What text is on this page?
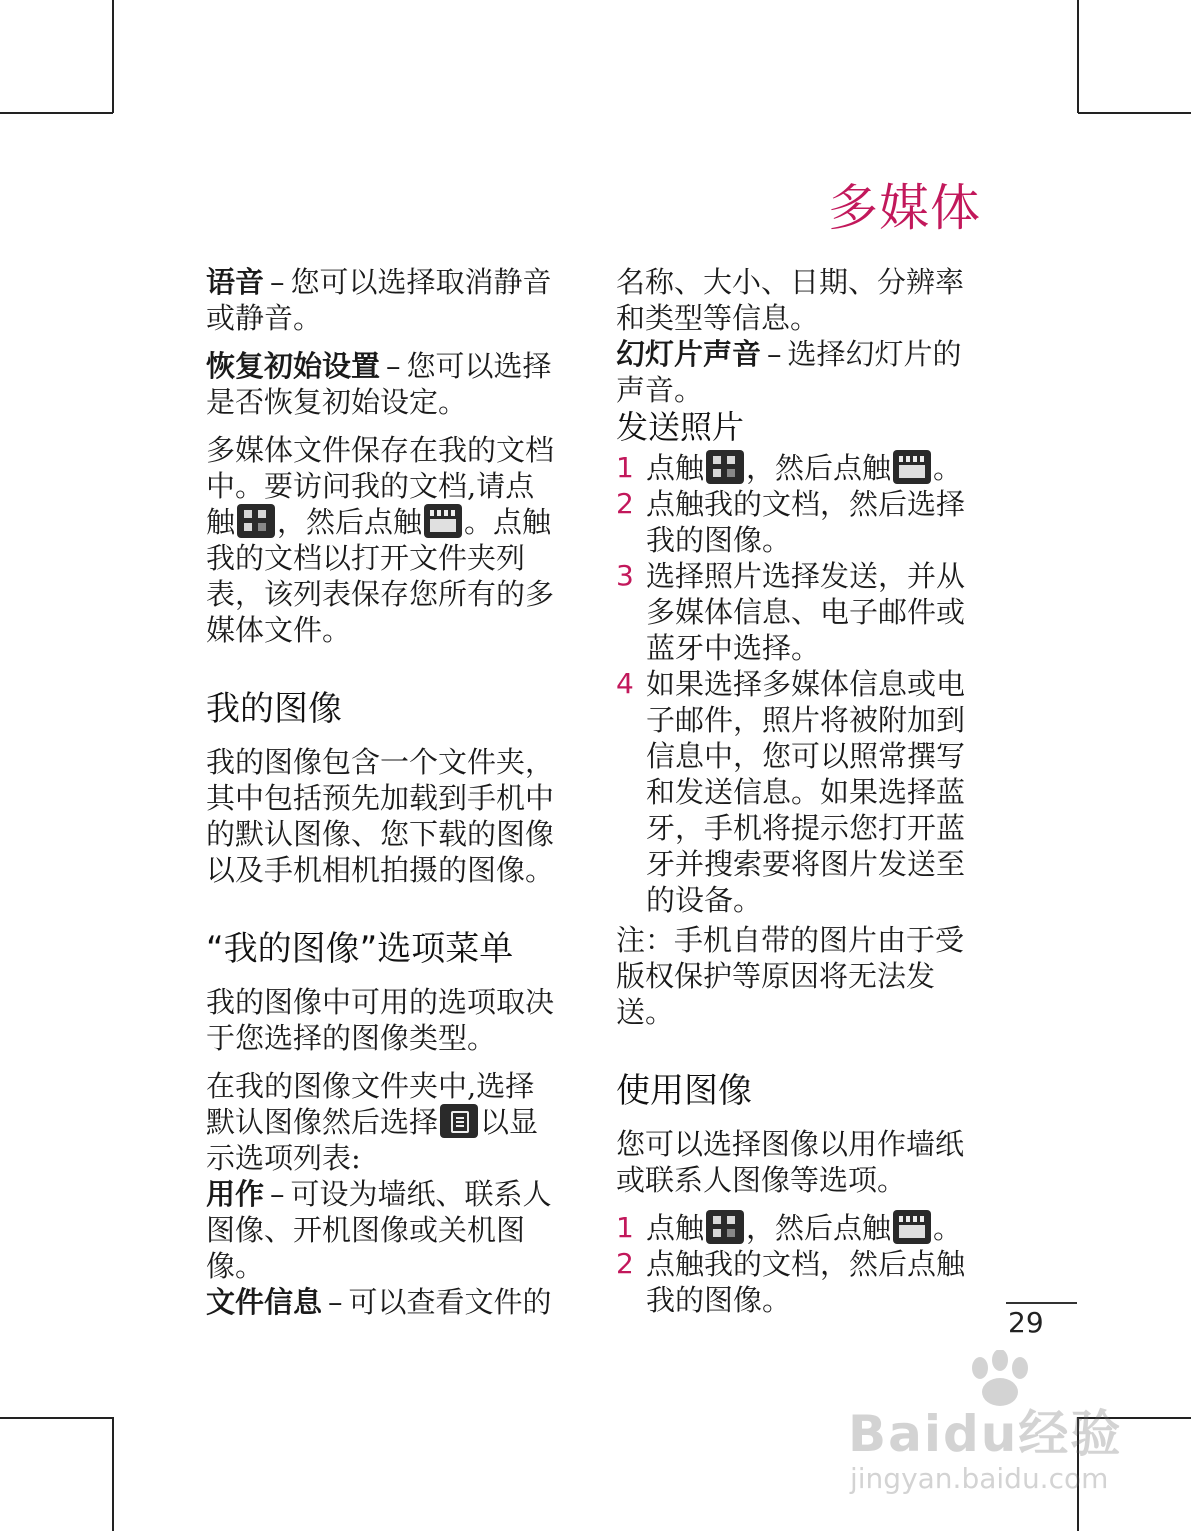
多媒体

语音 – 您可以选择取消静音或静音。

恢复初始设置 – 您可以选择是否恢复初始设定。

多媒体文件保存在我的文档中。要访问我的文档,请点触 ，然后点触 。点触我的文档以打开文件夹列表，该列表保存您所有的多媒体文件。

我的图像

我的图像包含一个文件夹，其中包括预先加载到手机中的默认图像、您下载的图像以及手机相机拍摄的图像。

“我的图像”选项菜单

我的图像中可用的选项取决于您选择的图像类型。

在我的图像文件夹中,选择默认图像然后选择 以显示选项列表:

用作 – 可设为墙纸、联系人图像、开机图像或关机图像。

文件信息 – 可以查看文件的

名称、大小、日期、分辨率和类型等信息。

幻灯片声音 – 选择幻灯片的声音。

发送照片
1 点触 ，然后点触 。
2 点触我的文档，然后选择我的图像。
3 选择照片选择发送，并从多媒体信息、电子邮件或蓝牙中选择。
4 如果选择多媒体信息或电子邮件，照片将被附加到信息中，您可以照常撰写和发送信息。如果选择蓝牙，手机将提示您打开蓝牙并搜索要将图片发送至的设备。

注：手机自带的图片由于受版权保护等原因将无法发送。

使用图像

您可以选择图像以用作墙纸或联系人图像等选项。

1 点触 ，然后点触 。
2 点触我的文档，然后点触我的图像。
29
Baidu经验
jingyan.baidu.com
